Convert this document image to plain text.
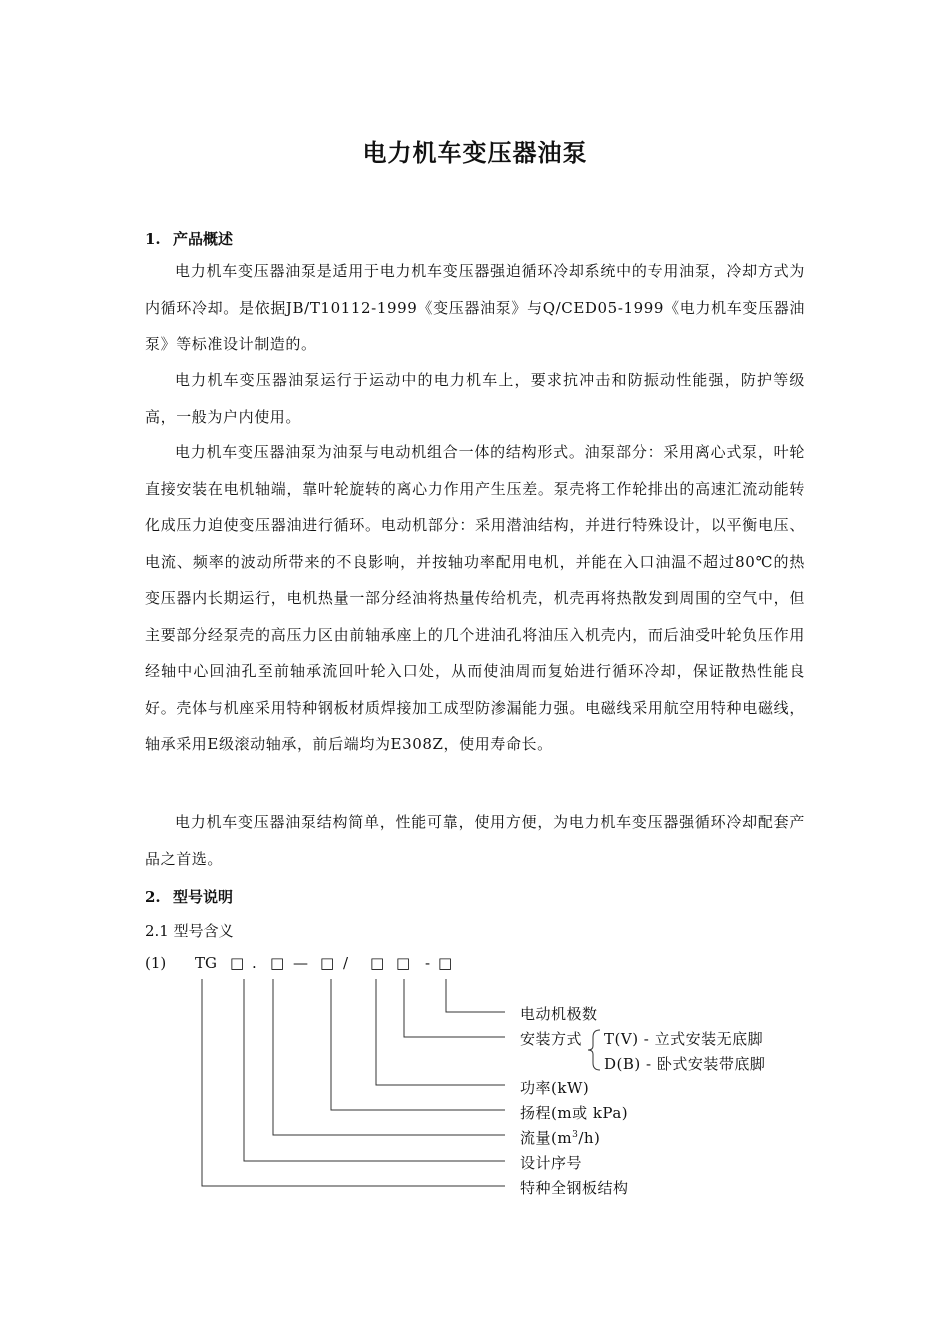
电力机车变压器油泵
1. 产品概述
电力机车变压器油泵是适用于电力机车变压器强迫循环冷却系统中的专用油泵，冷却方式为内循环冷却。是依据JB/T10112-1999《变压器油泵》与Q/CED05-1999《电力机车变压器油泵》等标准设计制造的。
电力机车变压器油泵运行于运动中的电力机车上，要求抗冲击和防振动性能强，防护等级高，一般为户内使用。
电力机车变压器油泵为油泵与电动机组合一体的结构形式。油泵部分：采用离心式泵，叶轮直接安装在电机轴端，靠叶轮旋转的离心力作用产生压差。泵壳将工作轮排出的高速汇流动能转化成压力迫使变压器油进行循环。电动机部分：采用潜油结构，并进行特殊设计，以平衡电压、电流、频率的波动所带来的不良影响，并按轴功率配用电机，并能在入口油温不超过80℃的热变压器内长期运行，电机热量一部分经油将热量传给机壳，机壳再将热散发到周围的空气中，但主要部分经泵壳的高压力区由前轴承座上的几个进油孔将油压入机壳内，而后油受叶轮负压作用经轴中心回油孔至前轴承流回叶轮入口处，从而使油周而复始进行循环冷却，保证散热性能良好。壳体与机座采用特种钢板材质焊接加工成型防渗漏能力强。电磁线采用航空用特种电磁线，轴承采用E级滚动轴承，前后端均为E308Z，使用寿命长。
电力机车变压器油泵结构简单，性能可靠，使用方便，为电力机车变压器强循环冷却配套产品之首选。
2. 型号说明
2.1 型号含义
(1) TG □ . □ — □ / □ □ - □
电动机极数
安装方式 T(V) - 立式安装无底脚
D(B) - 卧式安装带底脚
功率(kW)
扬程(m或 kPa)
流量$(m^3/h)$
设计序号
特种全钢板结构
